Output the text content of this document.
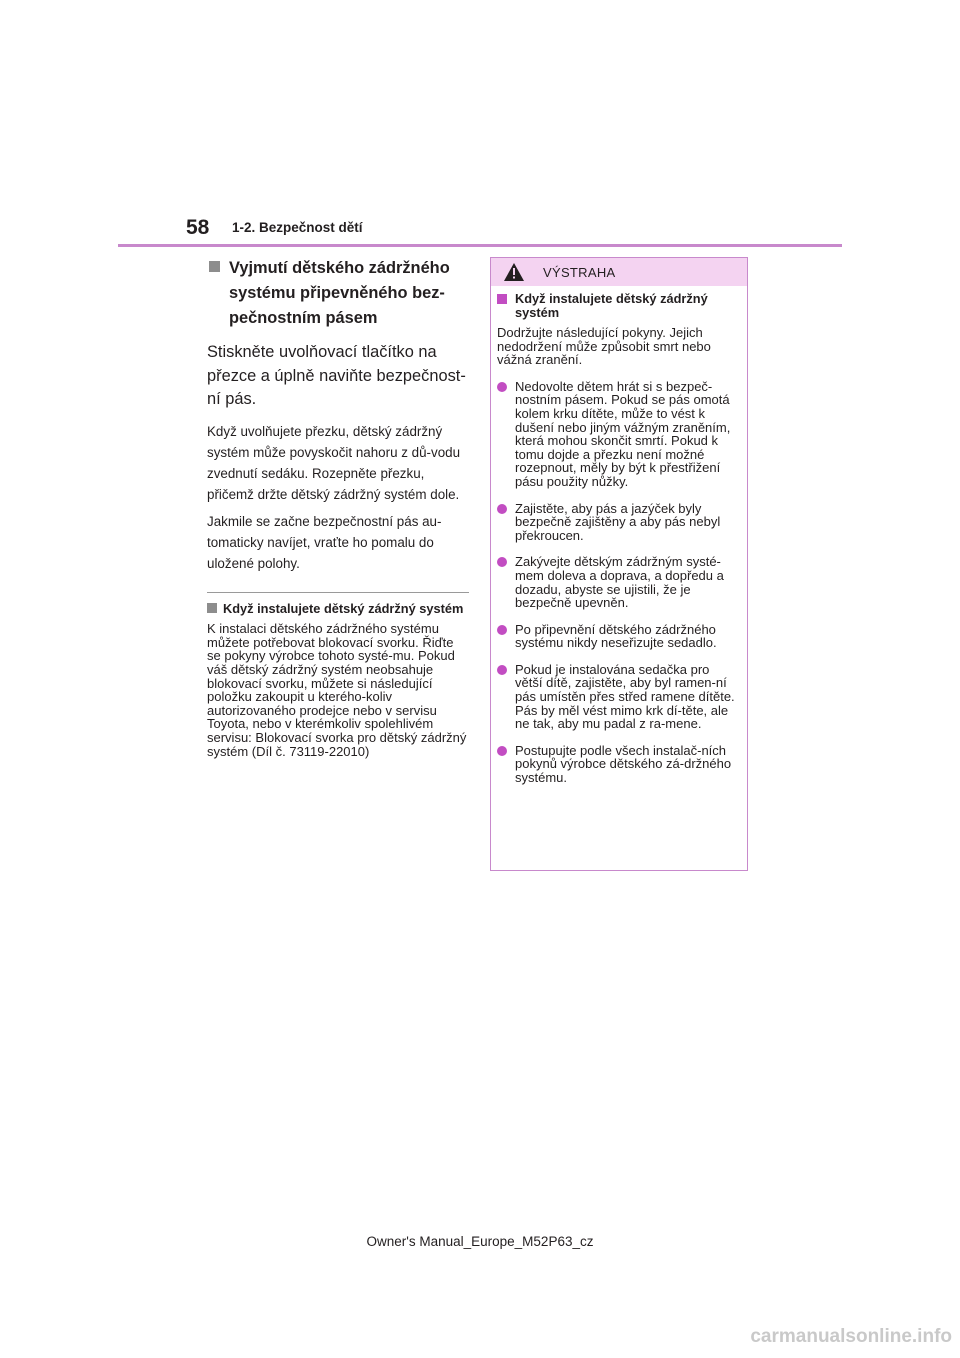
58 1-2. Bezpečnost dětí
Vyjmutí dětského zádržného systému připevněného bez-pečnostním pásem
Stiskněte uvolňovací tlačítko na přezce a úplně naviňte bezpečnost-ní pás.
Když uvolňujete přezku, dětský zádržný systém může povyskočit nahoru z dů-vodu zvednutí sedáku. Rozepněte přezku, přičemž držte dětský zádržný systém dole.
Jakmile se začne bezpečnostní pás au-tomaticky navíjet, vraťte ho pomalu do uložené polohy.
Když instalujete dětský zádržný systém
K instalaci dětského zádržného systému můžete potřebovat blokovací svorku. Řiďte se pokyny výrobce tohoto systé-mu. Pokud váš dětský zádržný systém neobsahuje blokovací svorku, můžete si následující položku zakoupit u kterého-koliv autorizovaného prodejce nebo v servisu Toyota, nebo v kterémkoliv spolehlivém servisu: Blokovací svorka pro dětský zádržný systém (Díl č. 73119-22010)
VÝSTRAHA
Když instalujete dětský zádržný systém
Dodržujte následující pokyny. Jejich nedodržení může způsobit smrt nebo vážná zranění.
Nedovolte dětem hrát si s bezpeč-nostním pásem. Pokud se pás omotá kolem krku dítěte, může to vést k dušení nebo jiným vážným zraněním, která mohou skončit smrtí. Pokud k tomu dojde a přezku není možné rozepnout, měly by být k přestřižení pásu použity nůžky.
Zajistěte, aby pás a jazýček byly bezpečně zajištěny a aby pás nebyl překroucen.
Zakývejte dětským zádržným systé-mem doleva a doprava, a dopředu a dozadu, abyste se ujistili, že je bezpečně upevněn.
Po připevnění dětského zádržného systému nikdy neseřizujte sedadlo.
Pokud je instalována sedačka pro větší dítě, zajistěte, aby byl ramen-ní pás umístěn přes střed ramene dítěte. Pás by měl vést mimo krk dí-těte, ale ne tak, aby mu padal z ra-mene.
Postupujte podle všech instalač-ních pokynů výrobce dětského zá-držného systému.
Owner's Manual_Europe_M52P63_cz
carmanualsonline.info
